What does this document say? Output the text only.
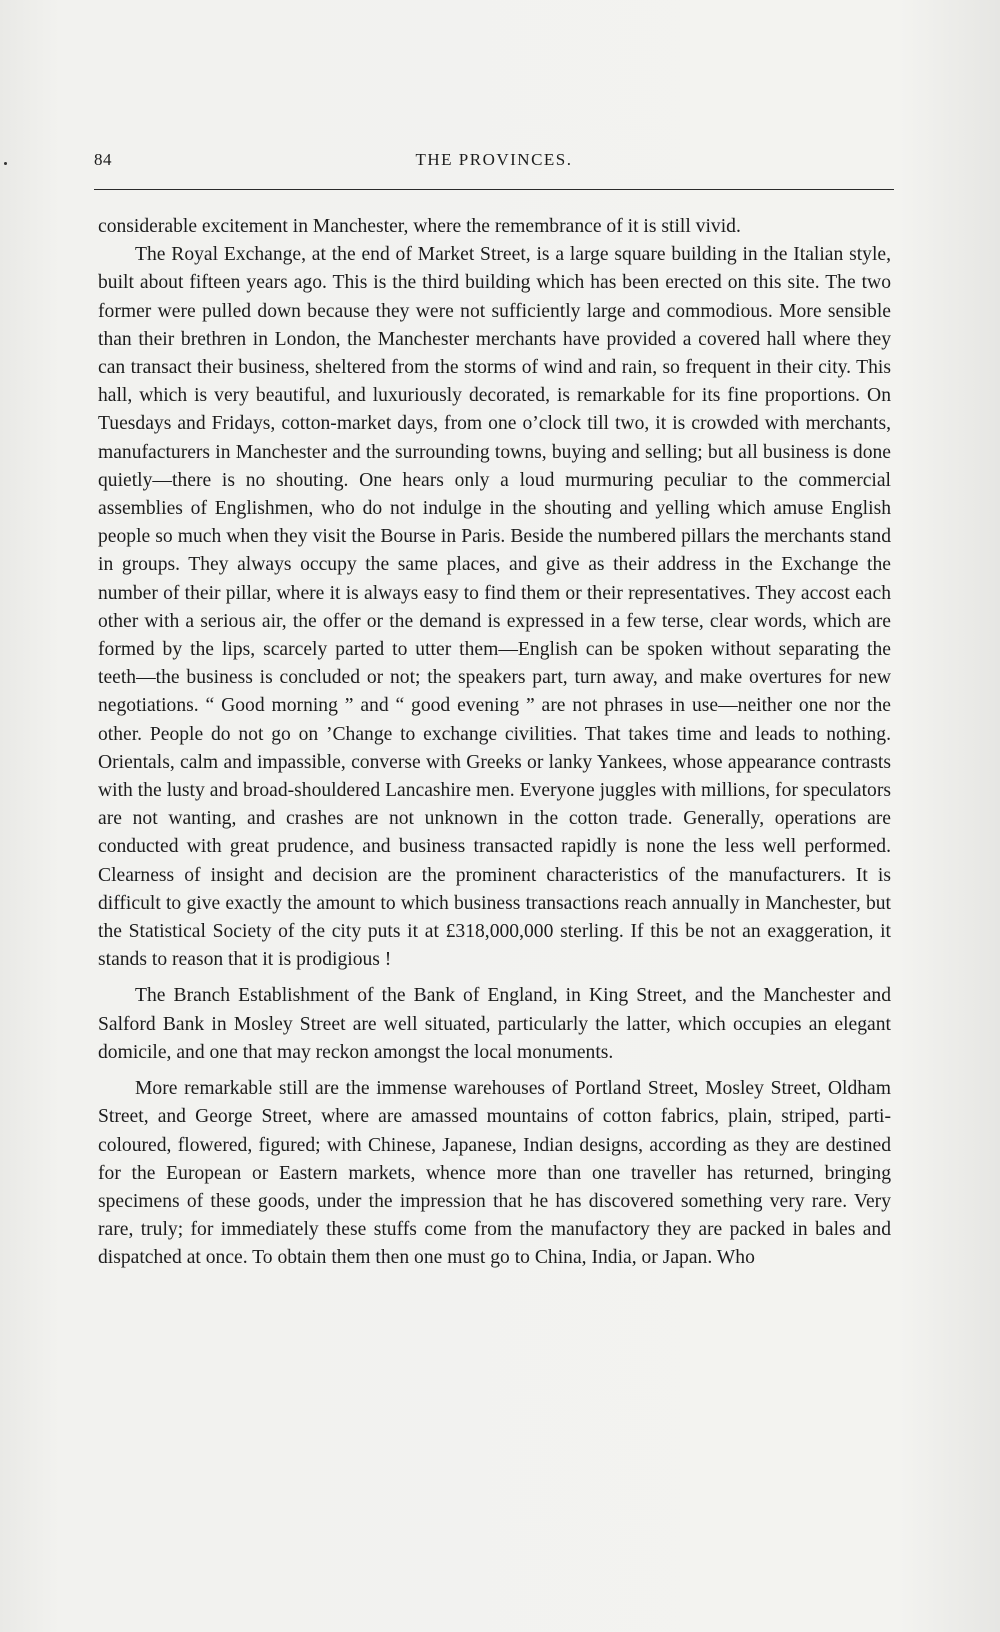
84	THE PROVINCES.

considerable excitement in Manchester, where the remembrance of it is still vivid.

The Royal Exchange, at the end of Market Street, is a large square building in the Italian style, built about fifteen years ago. This is the third building which has been erected on this site. The two former were pulled down because they were not sufficiently large and commodious. More sensible than their brethren in London, the Manchester merchants have provided a covered hall where they can transact their business, sheltered from the storms of wind and rain, so frequent in their city. This hall, which is very beautiful, and luxuriously decorated, is remarkable for its fine proportions. On Tuesdays and Fridays, cotton-market days, from one o’clock till two, it is crowded with merchants, manufacturers in Manchester and the surrounding towns, buying and selling; but all business is done quietly—there is no shouting. One hears only a loud murmuring peculiar to the commercial assemblies of Englishmen, who do not indulge in the shouting and yelling which amuse English people so much when they visit the Bourse in Paris. Beside the numbered pillars the merchants stand in groups. They always occupy the same places, and give as their address in the Exchange the number of their pillar, where it is always easy to find them or their representatives. They accost each other with a serious air, the offer or the demand is expressed in a few terse, clear words, which are formed by the lips, scarcely parted to utter them—English can be spoken without separating the teeth—the business is concluded or not; the speakers part, turn away, and make overtures for new negotiations. “ Good morning ” and “ good evening ” are not phrases in use—neither one nor the other. People do not go on ’Change to exchange civilities. That takes time and leads to nothing. Orientals, calm and impassible, converse with Greeks or lanky Yankees, whose appearance contrasts with the lusty and broad-shouldered Lancashire men. Everyone juggles with millions, for speculators are not wanting, and crashes are not unknown in the cotton trade. Generally, operations are conducted with great prudence, and business transacted rapidly is none the less well performed. Clearness of insight and decision are the prominent characteristics of the manufacturers. It is difficult to give exactly the amount to which business transactions reach annually in Manchester, but the Statistical Society of the city puts it at £318,000,000 sterling. If this be not an exaggeration, it stands to reason that it is prodigious !

The Branch Establishment of the Bank of England, in King Street, and the Manchester and Salford Bank in Mosley Street are well situated, particularly the latter, which occupies an elegant domicile, and one that may reckon amongst the local monuments.

More remarkable still are the immense warehouses of Portland Street, Mosley Street, Oldham Street, and George Street, where are amassed mountains of cotton fabrics, plain, striped, parti-coloured, flowered, figured; with Chinese, Japanese, Indian designs, according as they are destined for the European or Eastern markets, whence more than one traveller has returned, bringing specimens of these goods, under the impression that he has discovered something very rare. Very rare, truly; for immediately these stuffs come from the manufactory they are packed in bales and dispatched at once. To obtain them then one must go to China, India, or Japan. Who
